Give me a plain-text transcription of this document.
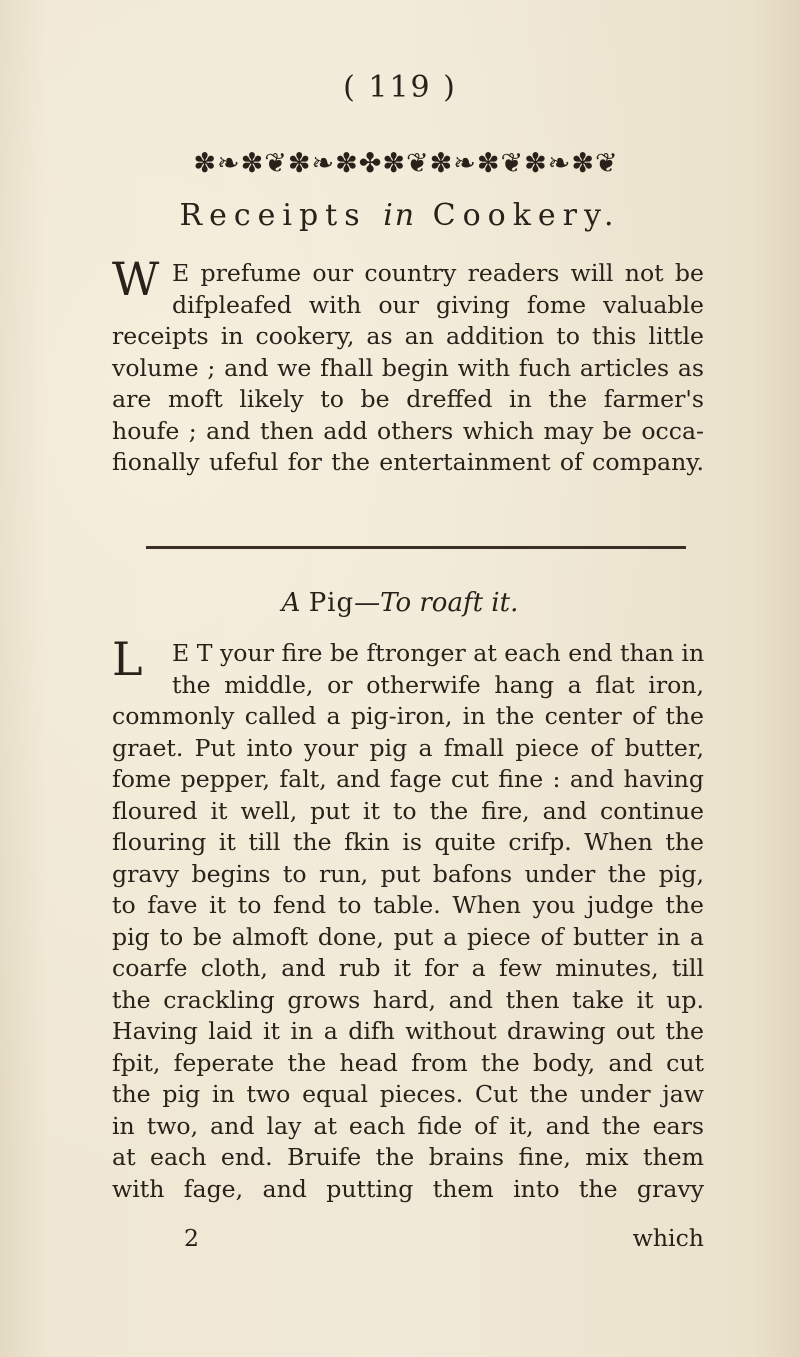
( 119 )
✽❧✽❦✽❧✽✤✽❦✽❧✽❦✽❧✽❦
Receipts in Cookery.
W E prefume our country readers will not be
difpleafed with our giving fome valuable
receipts in cookery, as an addition to this little
volume ; and we fhall begin with fuch articles as
are moft likely to be dreffed in the farmer's
houfe ; and then add others which may be occa-
fionally ufeful for the entertainment of company.
A Pig—To roaft it.
L	E T your fire be ftronger at each end than in
the middle, or otherwife hang a flat iron,
commonly called a pig-iron, in the center of the
graet. Put into your pig a fmall piece of butter,
fome pepper, falt, and fage cut fine : and having
floured it well, put it to the fire, and continue
flouring it till the fkin is quite crifp. When the
gravy begins to run, put bafons under the pig,
to fave it to fend to table. When you judge the
pig to be almoft done, put a piece of butter in a
coarfe cloth, and rub it for a few minutes, till
the crackling grows hard, and then take it up.
Having laid it in a difh without drawing out the
fpit, feperate the head from the body, and cut
the pig in two equal pieces. Cut the under jaw
in two, and lay at each fide of it, and the ears
at each end. Bruife the brains fine, mix them
with fage, and putting them into the gravy
2	which
